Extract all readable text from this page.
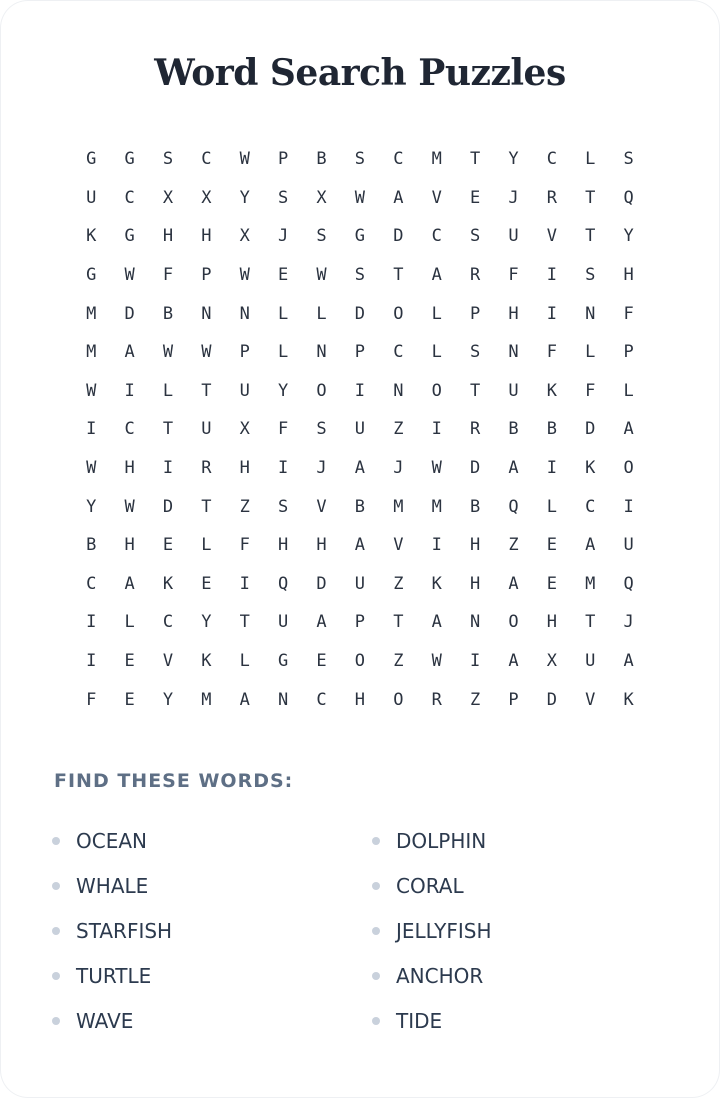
Word Search Puzzles
G	G	S	C	W	P	B	S	C	M	T	Y	C	L	S
U	C	X	X	Y	S	X	W	A	V	E	J	R	T	Q
K	G	H	H	X	J	S	G	D	C	S	U	V	T	Y
G	W	F	P	W	E	W	S	T	A	R	F	I	S	H
M	D	B	N	N	L	L	D	O	L	P	H	I	N	F
M	A	W	W	P	L	N	P	C	L	S	N	F	L	P
W	I	L	T	U	Y	O	I	N	O	T	U	K	F	L
I	C	T	U	X	F	S	U	Z	I	R	B	B	D	A
W	H	I	R	H	I	J	A	J	W	D	A	I	K	O
Y	W	D	T	Z	S	V	B	M	M	B	Q	L	C	I
B	H	E	L	F	H	H	A	V	I	H	Z	E	A	U
C	A	K	E	I	Q	D	U	Z	K	H	A	E	M	Q
I	L	C	Y	T	U	A	P	T	A	N	O	H	T	J
I	E	V	K	L	G	E	O	Z	W	I	A	X	U	A
F	E	Y	M	A	N	C	H	O	R	Z	P	D	V	K
FIND THESE WORDS:
OCEAN
WHALE
STARFISH
TURTLE
WAVE
DOLPHIN
CORAL
JELLYFISH
ANCHOR
TIDE
